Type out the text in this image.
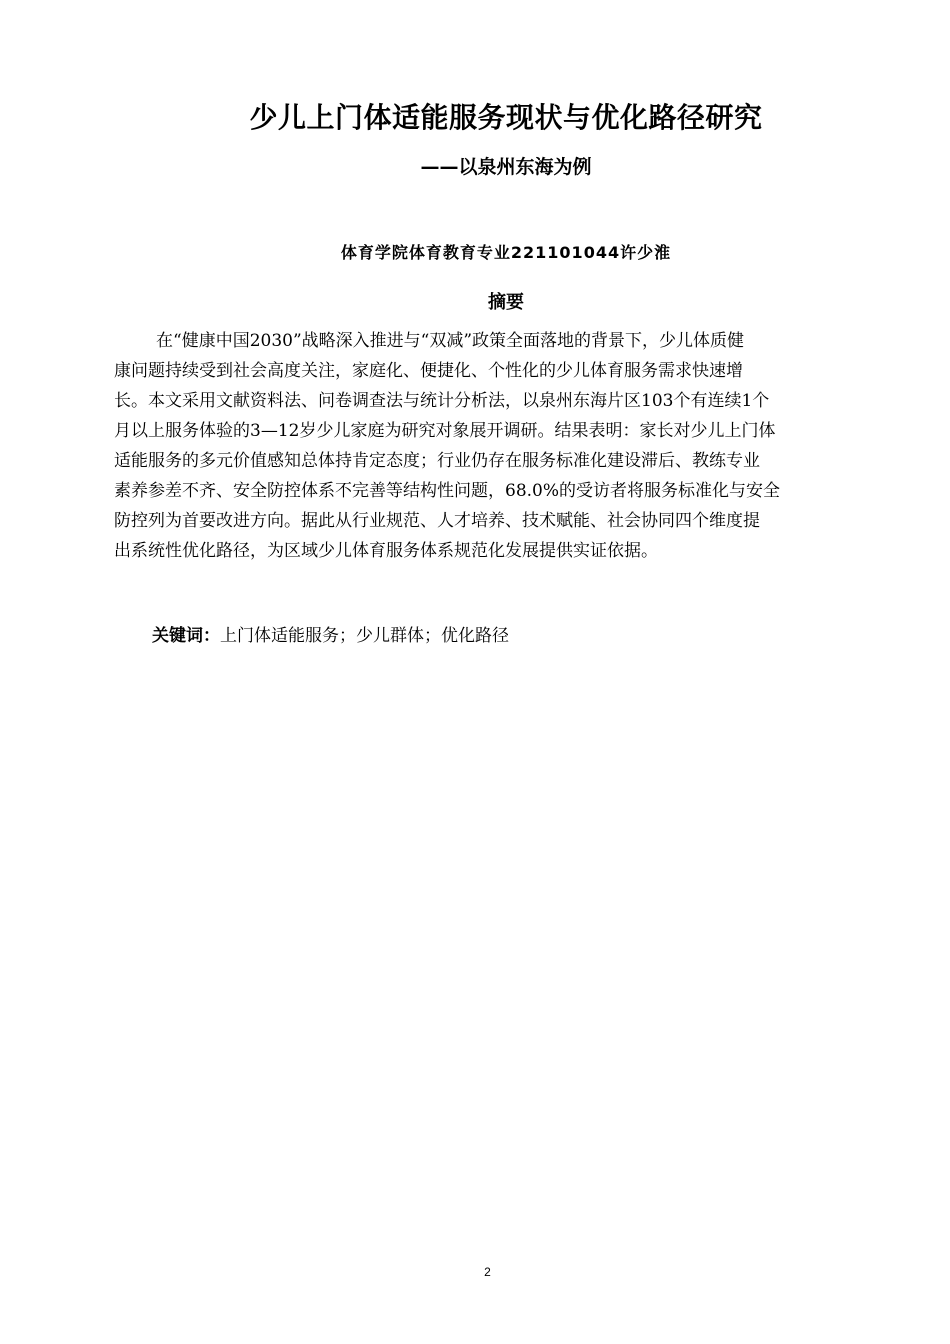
少儿上门体适能服务现状与优化路径研究
——以泉州东海为例
体育学院体育教育专业221101044许少淮
摘要
在“健康中国2030”战略深入推进与“双减”政策全面落地的背景下，少儿体质健
康问题持续受到社会高度关注，家庭化、便捷化、个性化的少儿体育服务需求快速增
长。本文采用文献资料法、问卷调查法与统计分析法，以泉州东海片区103个有连续1个
月以上服务体验的3—12岁少儿家庭为研究对象展开调研。结果表明：家长对少儿上门体
适能服务的多元价值感知总体持肯定态度；行业仍存在服务标准化建设滞后、教练专业
素养参差不齐、安全防控体系不完善等结构性问题，68.0%的受访者将服务标准化与安全
防控列为首要改进方向。据此从行业规范、人才培养、技术赋能、社会协同四个维度提
出系统性优化路径，为区域少儿体育服务体系规范化发展提供实证依据。
关键词：上门体适能服务；少儿群体；优化路径
2
